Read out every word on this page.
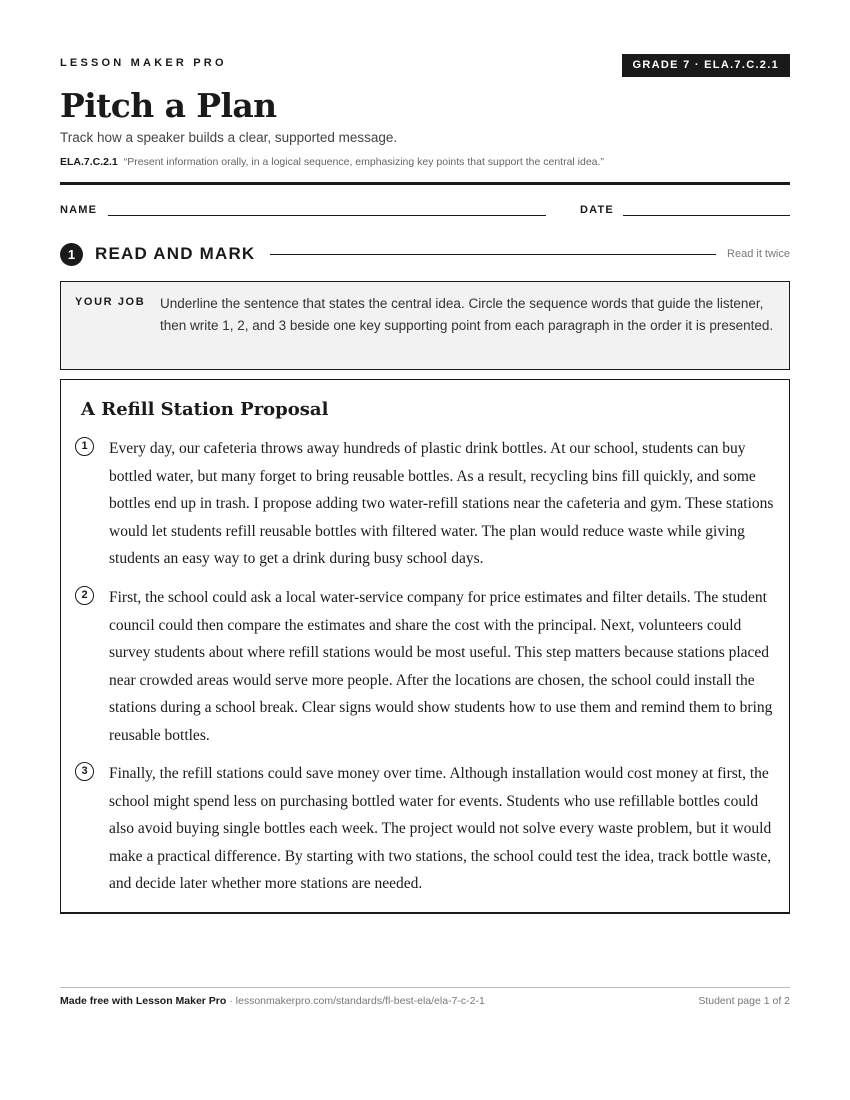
LESSON MAKER PRO	GRADE 7 · ELA.7.C.2.1
Pitch a Plan
Track how a speaker builds a clear, supported message.
ELA.7.C.2.1 “Present information orally, in a logical sequence, emphasizing key points that support the central idea.”
NAME	DATE
1	READ AND MARK	Read it twice
YOUR JOB Underline the sentence that states the central idea. Circle the sequence words that guide the listener, then write 1, 2, and 3 beside one key supporting point from each paragraph in the order it is presented.
A Refill Station Proposal
1	Every day, our cafeteria throws away hundreds of plastic drink bottles. At our school, students can buy bottled water, but many forget to bring reusable bottles. As a result, recycling bins fill quickly, and some bottles end up in trash. I propose adding two water-refill stations near the cafeteria and gym. These stations would let students refill reusable bottles with filtered water. The plan would reduce waste while giving students an easy way to get a drink during busy school days.

2	First, the school could ask a local water-service company for price estimates and filter details. The student council could then compare the estimates and share the cost with the principal. Next, volunteers could survey students about where refill stations would be most useful. This step matters because stations placed near crowded areas would serve more people. After the locations are chosen, the school could install the stations during a school break. Clear signs would show students how to use them and remind them to bring reusable bottles.

3	Finally, the refill stations could save money over time. Although installation would cost money at first, the school might spend less on purchasing bottled water for events. Students who use refillable bottles could also avoid buying single bottles each week. The project would not solve every waste problem, but it would make a practical difference. By starting with two stations, the school could test the idea, track bottle waste, and decide later whether more stations are needed.

Made free with Lesson Maker Pro · lessonmakerpro.com/standards/fl-best-ela/ela-7-c-2-1	Student page 1 of 2
